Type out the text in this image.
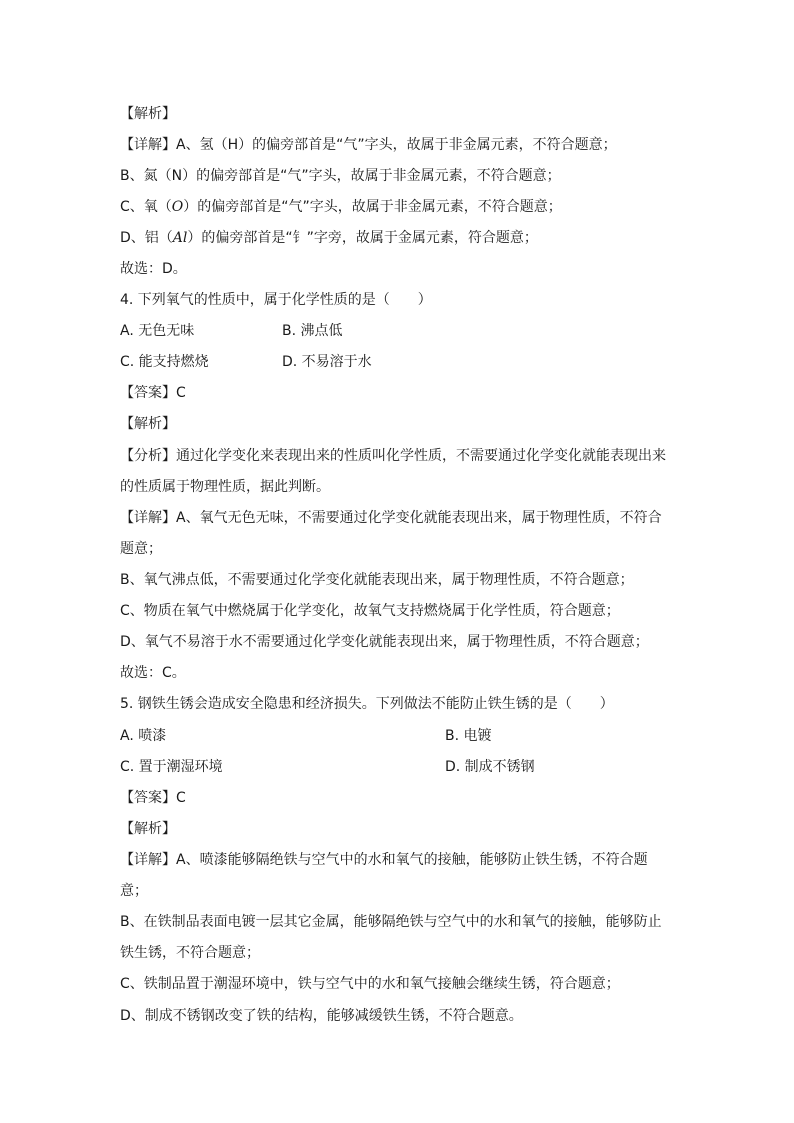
【解析】
【详解】A、氢（H）的偏旁部首是“气”字头，故属于非金属元素，不符合题意；
B、氮（N）的偏旁部首是“气”字头，故属于非金属元素，不符合题意；
C、氧（O）的偏旁部首是“气”字头，故属于非金属元素，不符合题意；
D、铝（Al）的偏旁部首是“钅”字旁，故属于金属元素，符合题意；
故选：D。
4. 下列氧气的性质中，属于化学性质的是（　　）
A. 无色无味	B. 沸点低
C. 能支持燃烧	D. 不易溶于水
【答案】C
【解析】
【分析】通过化学变化来表现出来的性质叫化学性质，不需要通过化学变化就能表现出来
的性质属于物理性质，据此判断。
【详解】A、氧气无色无味，不需要通过化学变化就能表现出来，属于物理性质，不符合
题意；
B、氧气沸点低，不需要通过化学变化就能表现出来，属于物理性质，不符合题意；
C、物质在氧气中燃烧属于化学变化，故氧气支持燃烧属于化学性质，符合题意；
D、氧气不易溶于水不需要通过化学变化就能表现出来，属于物理性质，不符合题意；
故选：C。
5. 钢铁生锈会造成安全隐患和经济损失。下列做法不能防止铁生锈的是（　　）
A. 喷漆	B. 电镀
C. 置于潮湿环境	D. 制成不锈钢
【答案】C
【解析】
【详解】A、喷漆能够隔绝铁与空气中的水和氧气的接触，能够防止铁生锈，不符合题
意；
B、在铁制品表面电镀一层其它金属，能够隔绝铁与空气中的水和氧气的接触，能够防止
铁生锈，不符合题意；
C、铁制品置于潮湿环境中，铁与空气中的水和氧气接触会继续生锈，符合题意；
D、制成不锈钢改变了铁的结构，能够减缓铁生锈，不符合题意。
